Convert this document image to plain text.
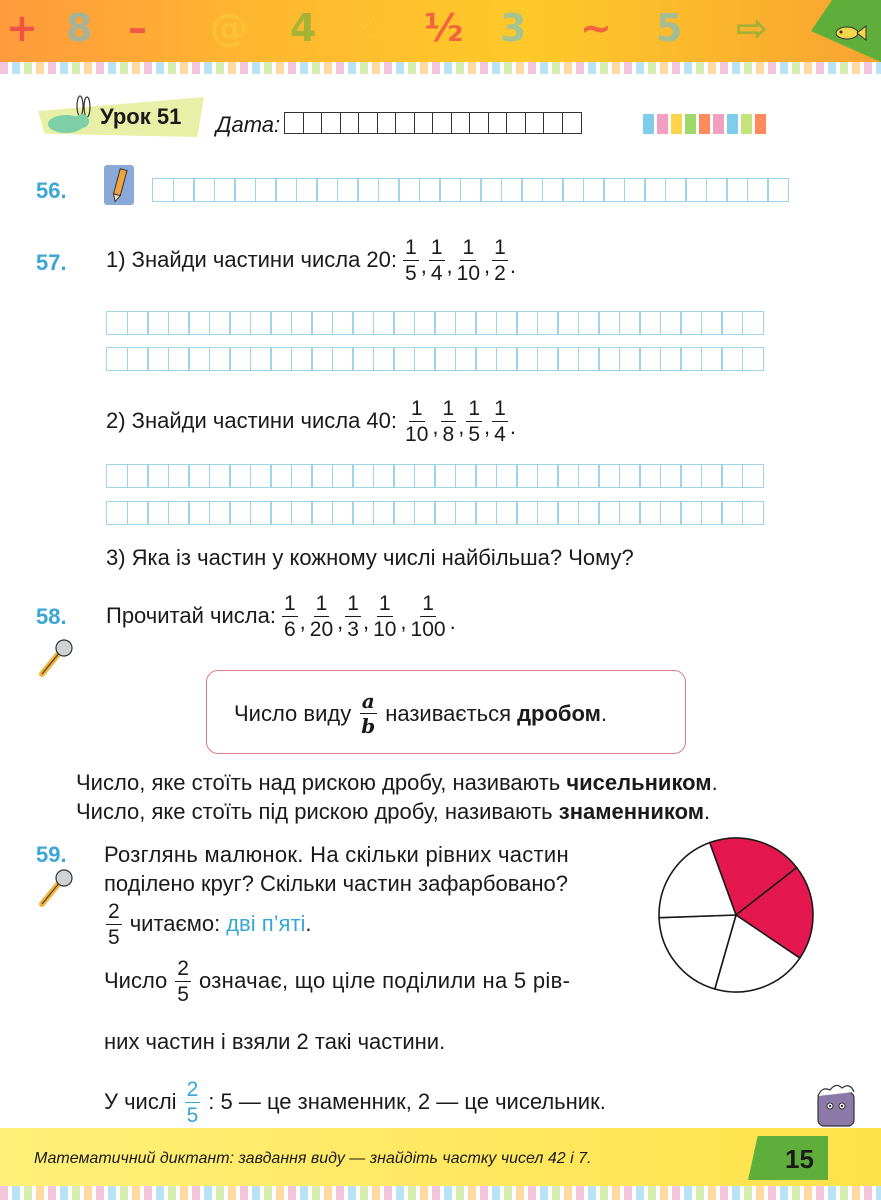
+ 8 – @ 4 ☆ ½ 3 ~ 5 ⇨
Урок 51 Дата:
56.
57. 1) Знайди частини числа 20: $\frac{1}{5}$ , $\frac{1}{4}$ , $\frac{1}{10}$ , $\frac{1}{2}$ .
2) Знайди частини числа 40: $\frac{1}{10}$ , $\frac{1}{8}$ , $\frac{1}{5}$ , $\frac{1}{4}$ .
3) Яка із частин у кожному числі найбільша? Чому?
58. Прочитай числа: $\frac{1}{6}$ , $\frac{1}{20}$ , $\frac{1}{3}$ , $\frac{1}{10}$ , $\frac{1}{100}$ .
Число виду $\frac{a}{b}$ називається дробом .
Число, яке стоїть над рискою дробу, називають чисельником.
Число, яке стоїть під рискою дробу, називають знаменником.
59. Розглянь малюнок. На скільки рівних частин
поділено круг? Скільки частин зафарбовано?
$\frac{2}{5}$ читаємо: дві п’яті .
Число $\frac{2}{5}$ означає, що ціле поділили на 5 рів-
них частин і взяли 2 такі частини.
У числі $\frac{2}{5}$ : 5 — це знаменник, 2 — це чисельник.
Математичний диктант: завдання виду — знайдіть частку чисел 42 і 7.	15
